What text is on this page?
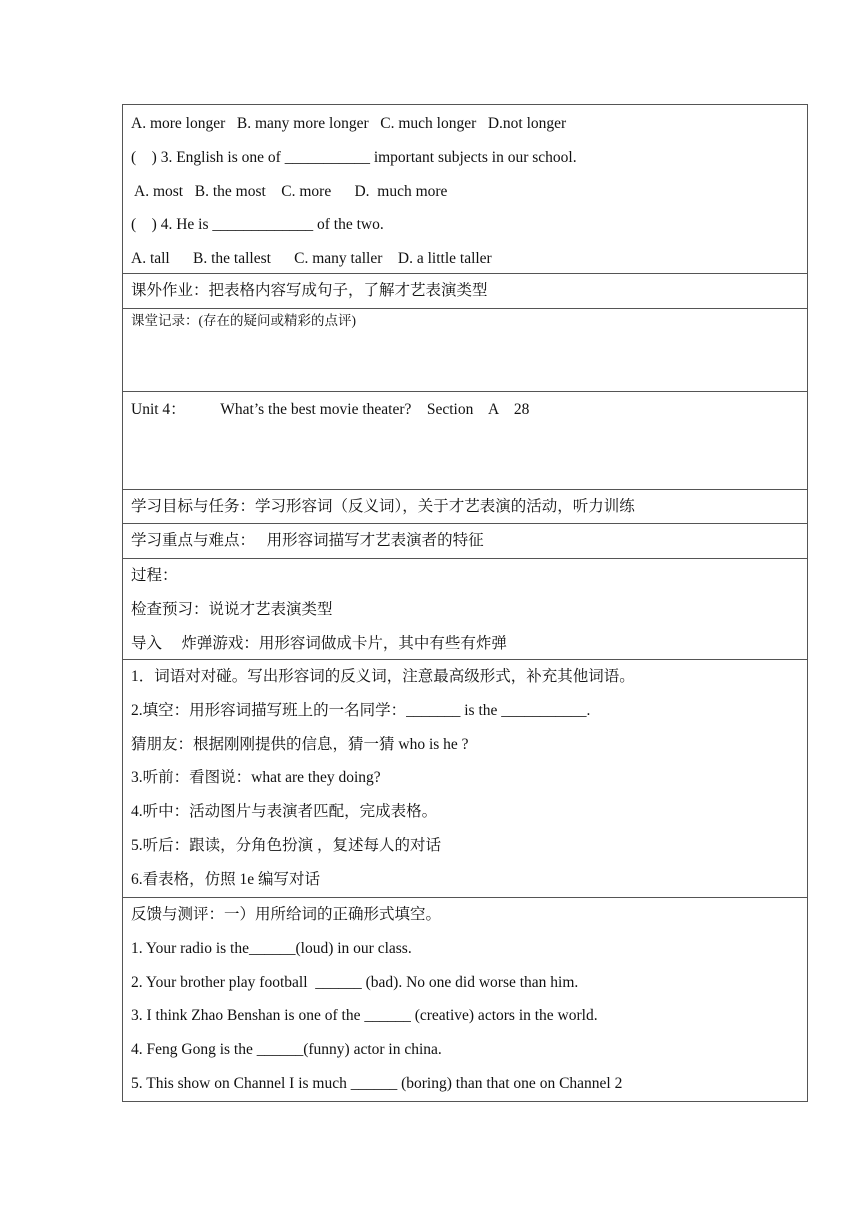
A. more longer   B. many more longer   C. much longer   D.not longer
(    ) 3. English is one of ___________ important subjects in our school.
A. most   B. the most    C. more      D.  much more
(    ) 4. He is _____________ of the two.
A. tall      B. the tallest      C. many taller    D. a little taller
课外作业：把表格内容写成句子，了解才艺表演类型
课堂记录：(存在的疑问或精彩的点评)
Unit 4：         What’s the best movie theater?    Section    A    28
学习目标与任务：学习形容词（反义词），关于才艺表演的活动，听力训练
学习重点与难点：   用形容词描写才艺表演者的特征
过程：
检查预习：说说才艺表演类型
导入     炸弹游戏：用形容词做成卡片，其中有些有炸弹
1．词语对对碰。写出形容词的反义词，注意最高级形式，补充其他词语。
2.填空：用形容词描写班上的一名同学：_______ is the ___________.
猜朋友：根据刚刚提供的信息，猜一猜 who is he ?
3.听前：看图说：what are they doing?
4.听中：活动图片与表演者匹配，完成表格。
5.听后：跟读，分角色扮演 ，复述每人的对话
6.看表格，仿照 1e 编写对话
反馈与测评：一）用所给词的正确形式填空。
1. Your radio is the______(loud) in our class.
2. Your brother play football  ______ (bad). No one did worse than him.
3. I think Zhao Benshan is one of the ______ (creative) actors in the world.
4. Feng Gong is the ______(funny) actor in china.
5. This show on Channel I is much ______ (boring) than that one on Channel 2
